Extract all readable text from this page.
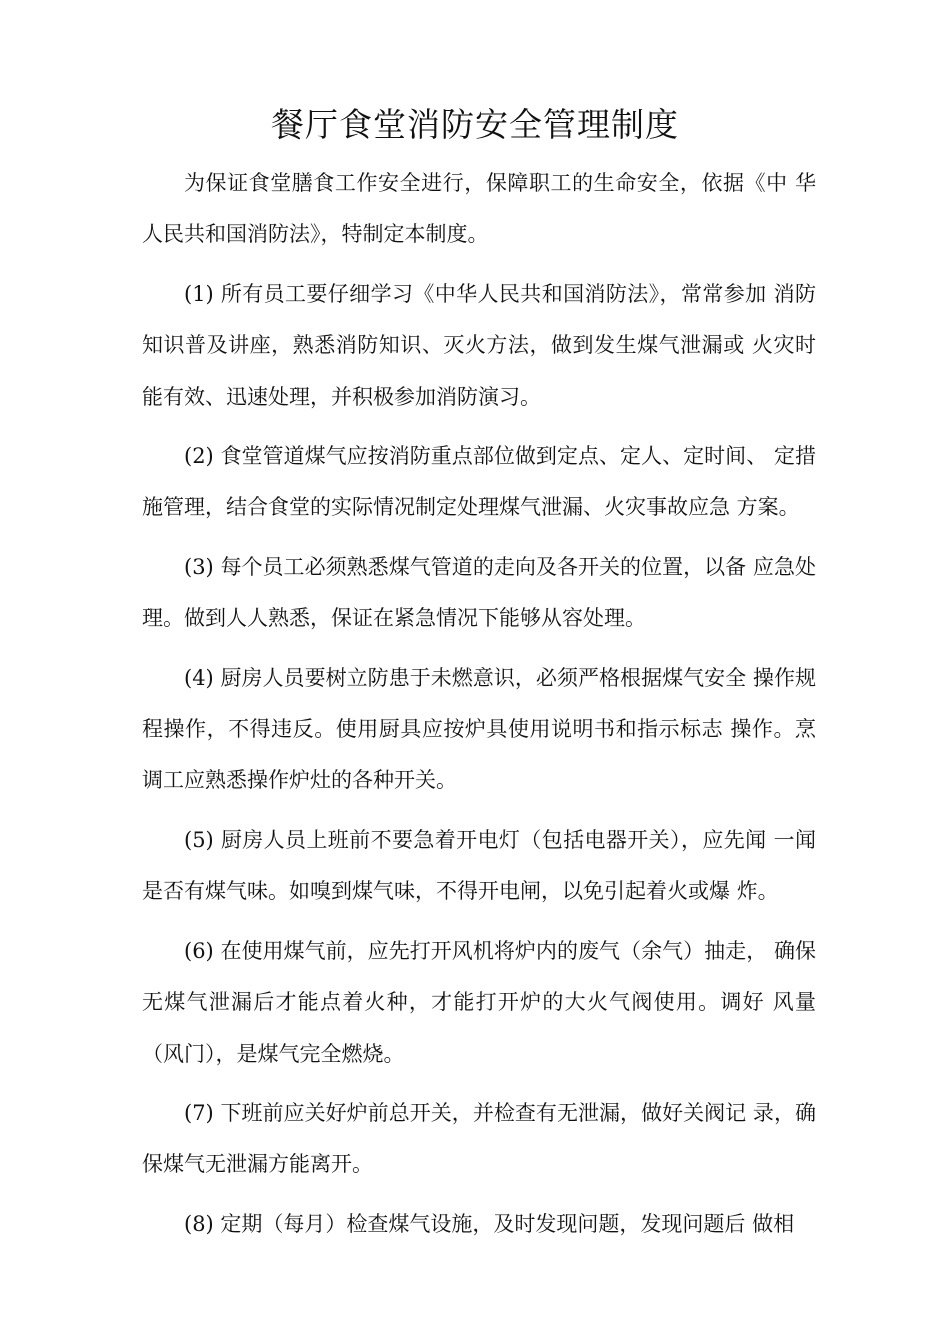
餐厅食堂消防安全管理制度

为保证食堂膳食工作安全进行，保障职工的生命安全，依据《中 华人民共和国消防法》，特制定本制度。

(1) 所有员工要仔细学习《中华人民共和国消防法》，常常参加 消防知识普及讲座，熟悉消防知识、灭火方法，做到发生煤气泄漏或 火灾时能有效、迅速处理，并积极参加消防演习。

(2) 食堂管道煤气应按消防重点部位做到定点、定人、定时间、 定措施管理，结合食堂的实际情况制定处理煤气泄漏、火灾事故应急 方案。

(3) 每个员工必须熟悉煤气管道的走向及各开关的位置，以备 应急处理。做到人人熟悉，保证在紧急情况下能够从容处理。

(4) 厨房人员要树立防患于未燃意识，必须严格根据煤气安全 操作规程操作，不得违反。使用厨具应按炉具使用说明书和指示标志 操作。烹调工应熟悉操作炉灶的各种开关。

(5) 厨房人员上班前不要急着开电灯（包括电器开关），应先闻 一闻是否有煤气味。如嗅到煤气味，不得开电闸，以免引起着火或爆 炸。

(6) 在使用煤气前，应先打开风机将炉内的废气（余气）抽走， 确保无煤气泄漏后才能点着火种，才能打开炉的大火气阀使用。调好 风量（风门），是煤气完全燃烧。

(7) 下班前应关好炉前总开关，并检查有无泄漏，做好关阀记 录，确保煤气无泄漏方能离开。

(8) 定期（每月）检查煤气设施，及时发现问题，发现问题后 做相
